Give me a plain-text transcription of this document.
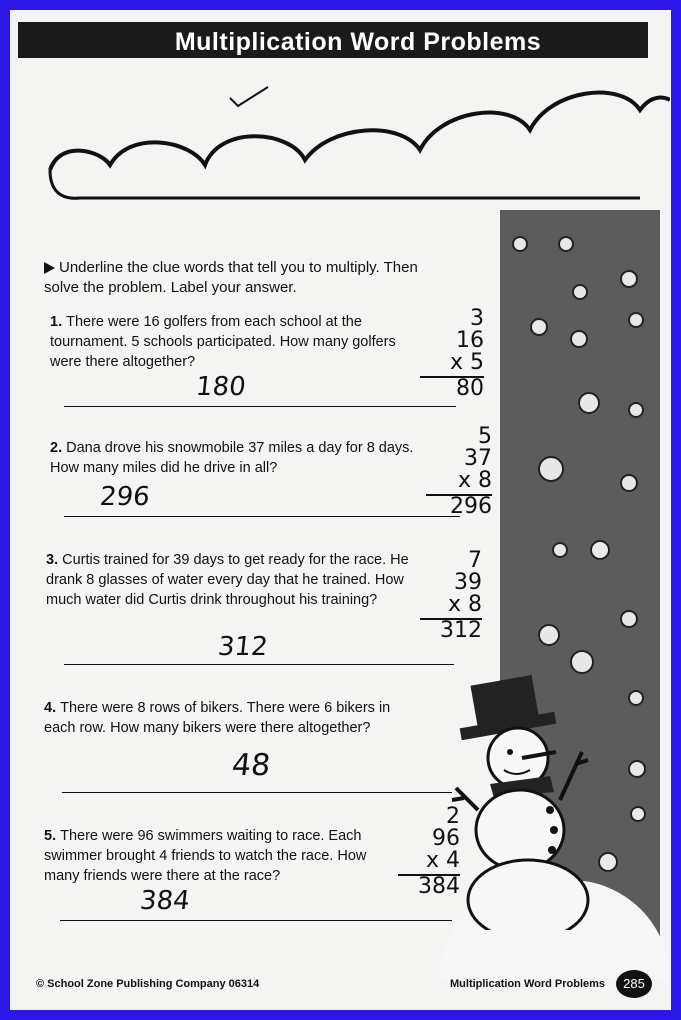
Multiplication Word Problems
Underline the clue words that tell you to multiply. Then solve the problem. Label your answer.
1. There were 16 golfers from each school at the tournament. 5 schools participated. How many golfers were there altogether?
180
3
16
x 5
80
2. Dana drove his snowmobile 37 miles a day for 8 days. How many miles did he drive in all?
296
5
37
x 8
296
3. Curtis trained for 39 days to get ready for the race. He drank 8 glasses of water every day that he trained. How much water did Curtis drink throughout his training?
312
7
39
x 8
312
4. There were 8 rows of bikers. There were 6 bikers in each row. How many bikers were there altogether?
48
5. There were 96 swimmers waiting to race. Each swimmer brought 4 friends to watch the race. How many friends were there at the race?
384
2
96
x 4
384
© School Zone Publishing Company 06314	Multiplication Word Problems	285
